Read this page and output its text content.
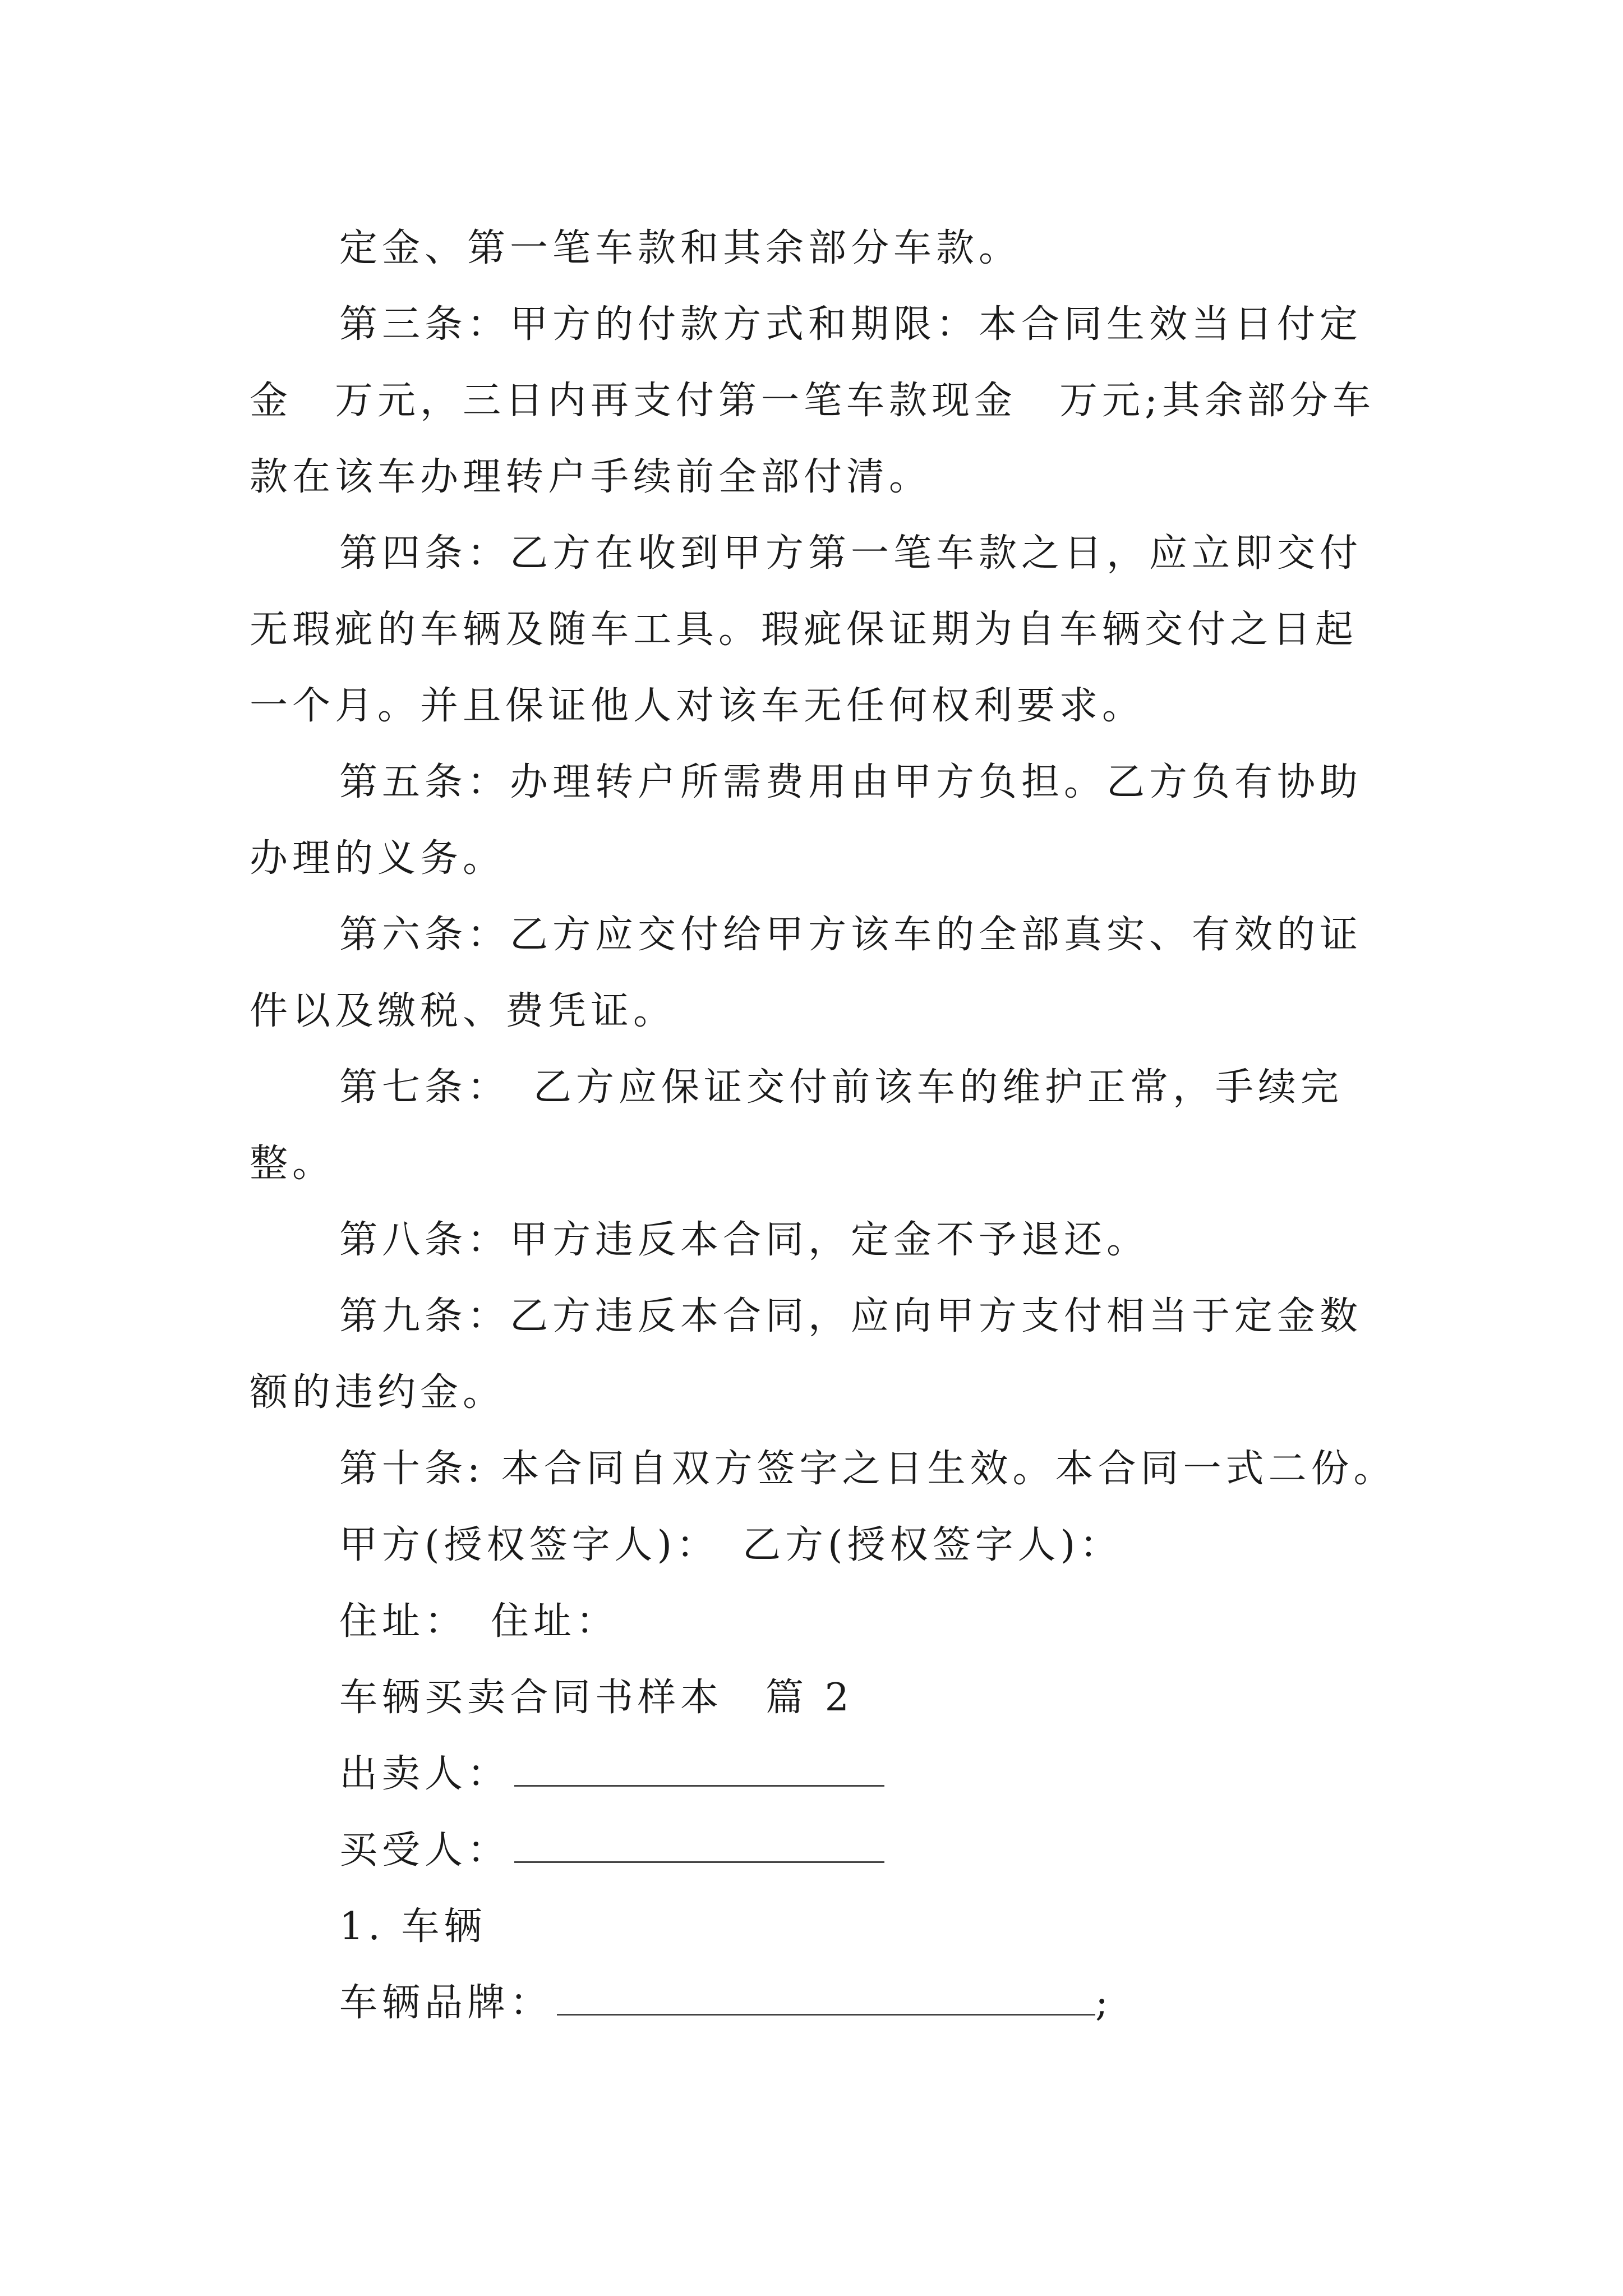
定金、第一笔车款和其余部分车款。
第三条：甲方的付款方式和期限：本合同生效当日付定
金　万元，三日内再支付第一笔车款现金　万元;其余部分车
款在该车办理转户手续前全部付清。
第四条：乙方在收到甲方第一笔车款之日，应立即交付
无瑕疵的车辆及随车工具。瑕疵保证期为自车辆交付之日起
一个月。并且保证他人对该车无任何权利要求。
第五条：办理转户所需费用由甲方负担。乙方负有协助
办理的义务。
第六条：乙方应交付给甲方该车的全部真实、有效的证
件以及缴税、费凭证。
第七条：　乙方应保证交付前该车的维护正常，手续完
整。
第八条：甲方违反本合同，定金不予退还。
第九条：乙方违反本合同，应向甲方支付相当于定金数
额的违约金。
第十条: 本合同自双方签字之日生效。本合同一式二份。
甲方(授权签字人)：　乙方(授权签字人)：
住址：　住址：
车辆买卖合同书样本　篇 2
出卖人：
买受人：
1. 车辆
车辆品牌：	;
